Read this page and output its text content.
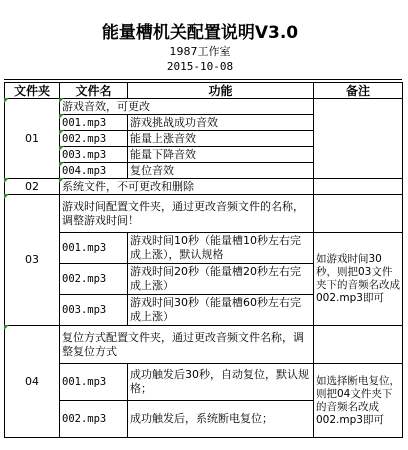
能量槽机关配置说明V3.0
1987工作室
2015-10-08
文件夹	文件名	功能	备注
01	游戏音效，可更改		
	001.mp3	游戏挑战成功音效	
	002.mp3	能量上涨音效	
	003.mp3	能量下降音效	
	004.mp3	复位音效	
02	系统文件，不可更改和删除		
03	游戏时间配置文件夹，通过更改音频文件的名称，调整游戏时间！		
	001.mp3	游戏时间10秒（能量槽10秒左右完成上涨），默认规格	如游戏时间30秒，则把03文件夹下的音频名改成002.mp3即可
	002.mp3	游戏时间20秒（能量槽20秒左右完成上涨）	
	003.mp3	游戏时间30秒（能量槽60秒左右完成上涨）	
04	复位方式配置文件夹，通过更改音频文件名称，调整复位方式		
	001.mp3	成功触发后30秒，自动复位，默认规格；	如选择断电复位，则把04文件夹下的音频名改成002.mp3即可
	002.mp3	成功触发后，系统断电复位；	
